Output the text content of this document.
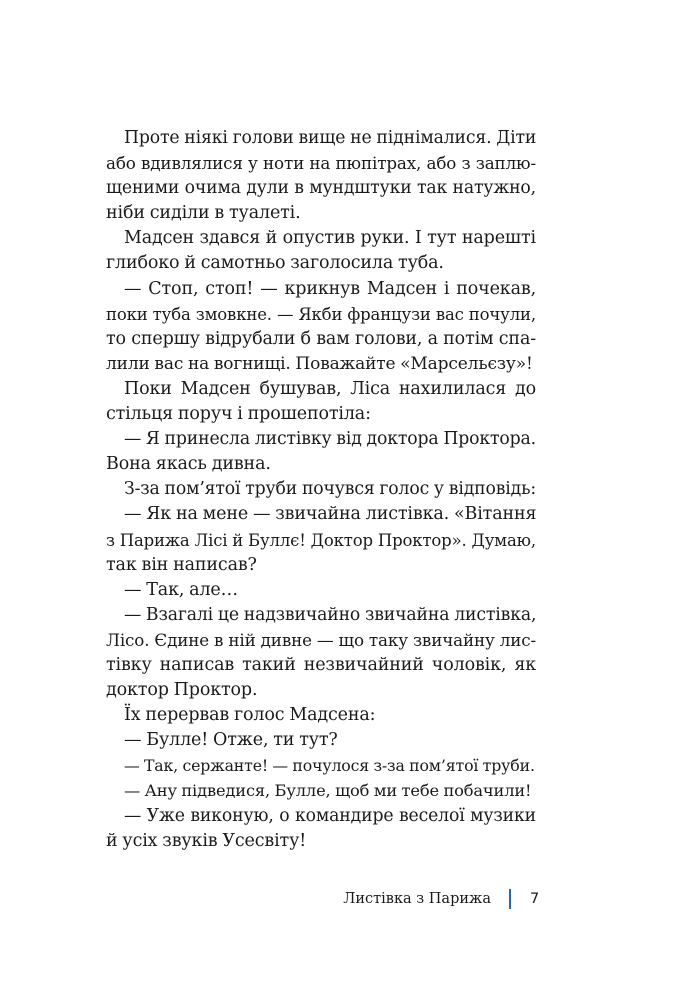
Проте ніякі голови вище не піднімалися. Діти
або вдивлялися у ноти на пюпітрах, або з заплю-
щеними очима дули в мундштуки так натужно,
ніби сиділи в туалеті.
Мадсен здався й опустив руки. І тут нарешті
глибоко й самотньо заголосила туба.
— Стоп, стоп! — крикнув Мадсен і почекав,
поки туба змовкне. — Якби французи вас почули,
то спершу відрубали б вам голови, а потім спа-
лили вас на вогнищі. Поважайте «Марсельєзу»!
Поки Мадсен бушував, Ліса нахилилася до
стільця поруч і прошепотіла:
— Я принесла листівку від доктора Проктора.
Вона якась дивна.
З-за пом’ятої труби почувся голос у відповідь:
— Як на мене — звичайна листівка. «Вітання
з Парижа Лісі й Буллє! Доктор Проктор». Думаю,
так він написав?
— Так, але…
— Взагалі це надзвичайно звичайна листівка,
Лісо. Єдине в ній дивне — що таку звичайну лис-
тівку написав такий незвичайний чоловік, як
доктор Проктор.
Їх перервав голос Мадсена:
— Булле! Отже, ти тут?
— Так, сержанте! — почулося з-за пом’ятої труби.
— Ану підведися, Булле, щоб ми тебе побачили!
— Уже виконую, о командире веселої музики
й усіх звуків Усесвіту!
Листівка з Парижа	7
